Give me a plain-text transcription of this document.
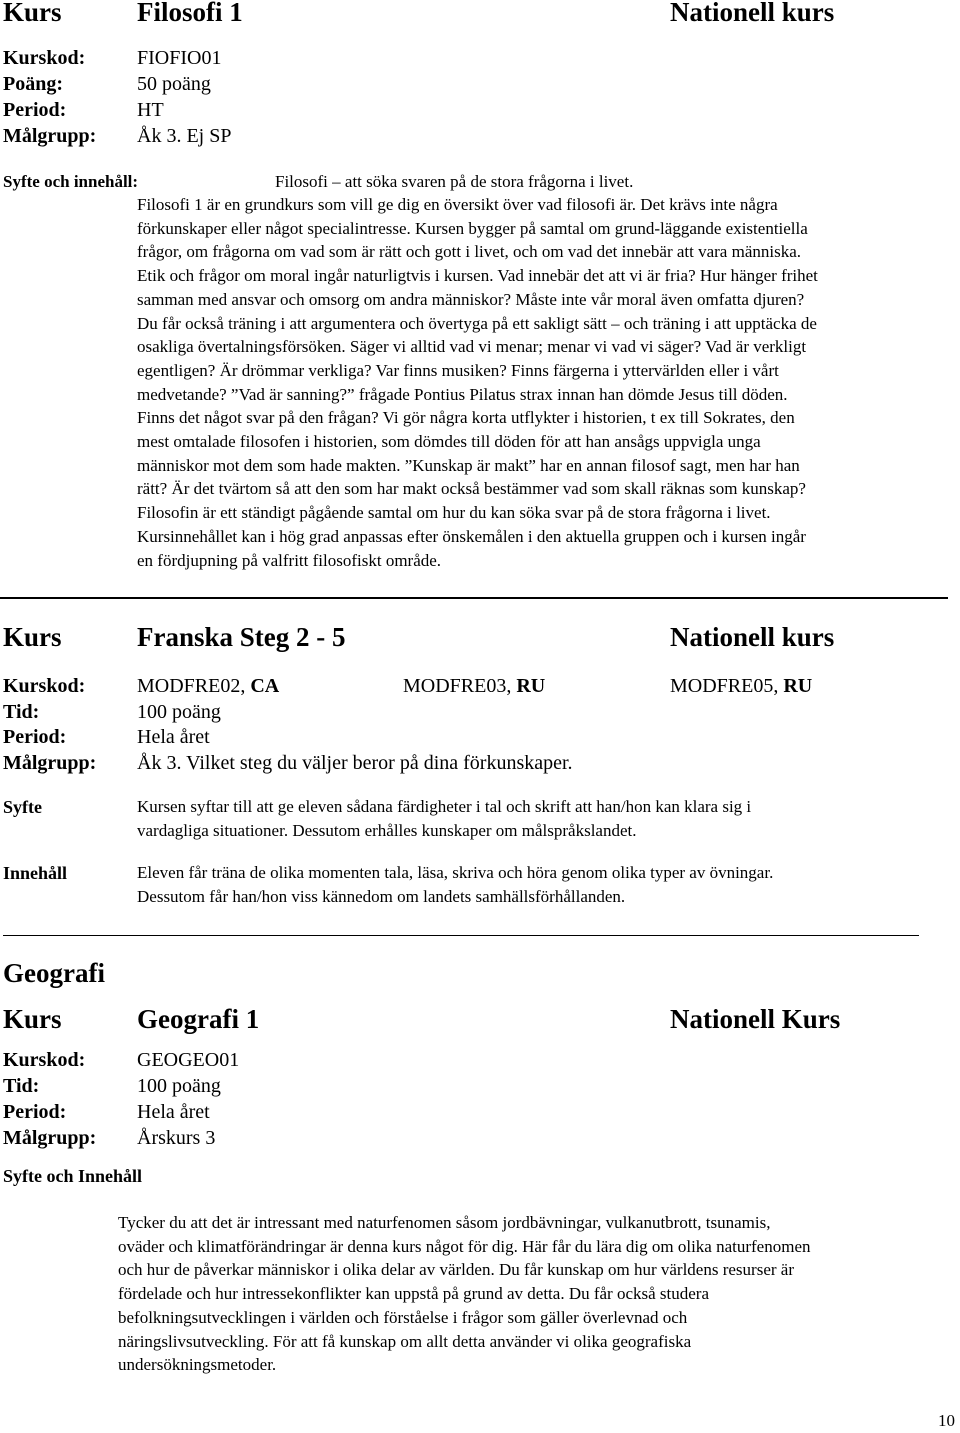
Kurs	Filosofi 1	Nationell kurs
Kurskod:	FIOFIO01
Poäng:	50 poäng
Period:	HT
Målgrupp: Åk 3. Ej SP
Syfte och innehåll:	Filosofi – att söka svaren på de stora frågorna i livet.
Filosofi 1 är en grundkurs som vill ge dig en översikt över vad filosofi är. Det krävs inte några
förkunskaper eller något specialintresse. Kursen bygger på samtal om grund-läggande existentiella
frågor, om frågorna om vad som är rätt och gott i livet, och om vad det innebär att vara människa.
Etik och frågor om moral ingår naturligtvis i kursen. Vad innebär det att vi är fria? Hur hänger frihet
samman med ansvar och omsorg om andra människor? Måste inte vår moral även omfatta djuren?
Du får också träning i att argumentera och övertyga på ett sakligt sätt – och träning i att upptäcka de
osakliga övertalningsförsöken. Säger vi alltid vad vi menar; menar vi vad vi säger? Vad är verkligt
egentligen? Är drömmar verkliga? Var finns musiken? Finns färgerna i yttervärlden eller i vårt
medvetande? ”Vad är sanning?” frågade Pontius Pilatus strax innan han dömde Jesus till döden.
Finns det något svar på den frågan? Vi gör några korta utflykter i historien, t ex till Sokrates, den
mest omtalade filosofen i historien, som dömdes till döden för att han ansågs uppvigla unga
människor mot dem som hade makten. ”Kunskap är makt” har en annan filosof sagt, men har han
rätt? Är det tvärtom så att den som har makt också bestämmer vad som skall räknas som kunskap?
Filosofin är ett ständigt pågående samtal om hur du kan söka svar på de stora frågorna i livet.
Kursinnehållet kan i hög grad anpassas efter önskemålen i den aktuella gruppen och i kursen ingår
en fördjupning på valfritt filosofiskt område.
Kurs	Franska Steg 2 - 5	Nationell kurs
Kurskod:	MODFRE02, CA	MODFRE03, RU	MODFRE05, RU
Tid:	100 poäng
Period:	Hela året
Målgrupp: Åk 3. Vilket steg du väljer beror på dina förkunskaper.
Syfte	Kursen syftar till att ge eleven sådana färdigheter i tal och skrift att han/hon kan klara sig i
vardagliga situationer. Dessutom erhålles kunskaper om målspråkslandet.
Innehåll	Eleven får träna de olika momenten tala, läsa, skriva och höra genom olika typer av övningar.
Dessutom får han/hon viss kännedom om landets samhällsförhållanden.
Geografi
Kurs	Geografi 1	Nationell Kurs
Kurskod:	GEOGEO01
Tid:	100 poäng
Period:	Hela året
Målgrupp: Årskurs 3
Syfte och Innehåll
Tycker du att det är intressant med naturfenomen såsom jordbävningar, vulkanutbrott, tsunamis,
oväder och klimatförändringar är denna kurs något för dig. Här får du lära dig om olika naturfenomen
och hur de påverkar människor i olika delar av världen. Du får kunskap om hur världens resurser är
fördelade och hur intressekonflikter kan uppstå på grund av detta. Du får också studera
befolkningsutvecklingen i världen och förståelse i frågor som gäller överlevnad och
näringslivsutveckling. För att få kunskap om allt detta använder vi olika geografiska
undersökningsmetoder.
10
